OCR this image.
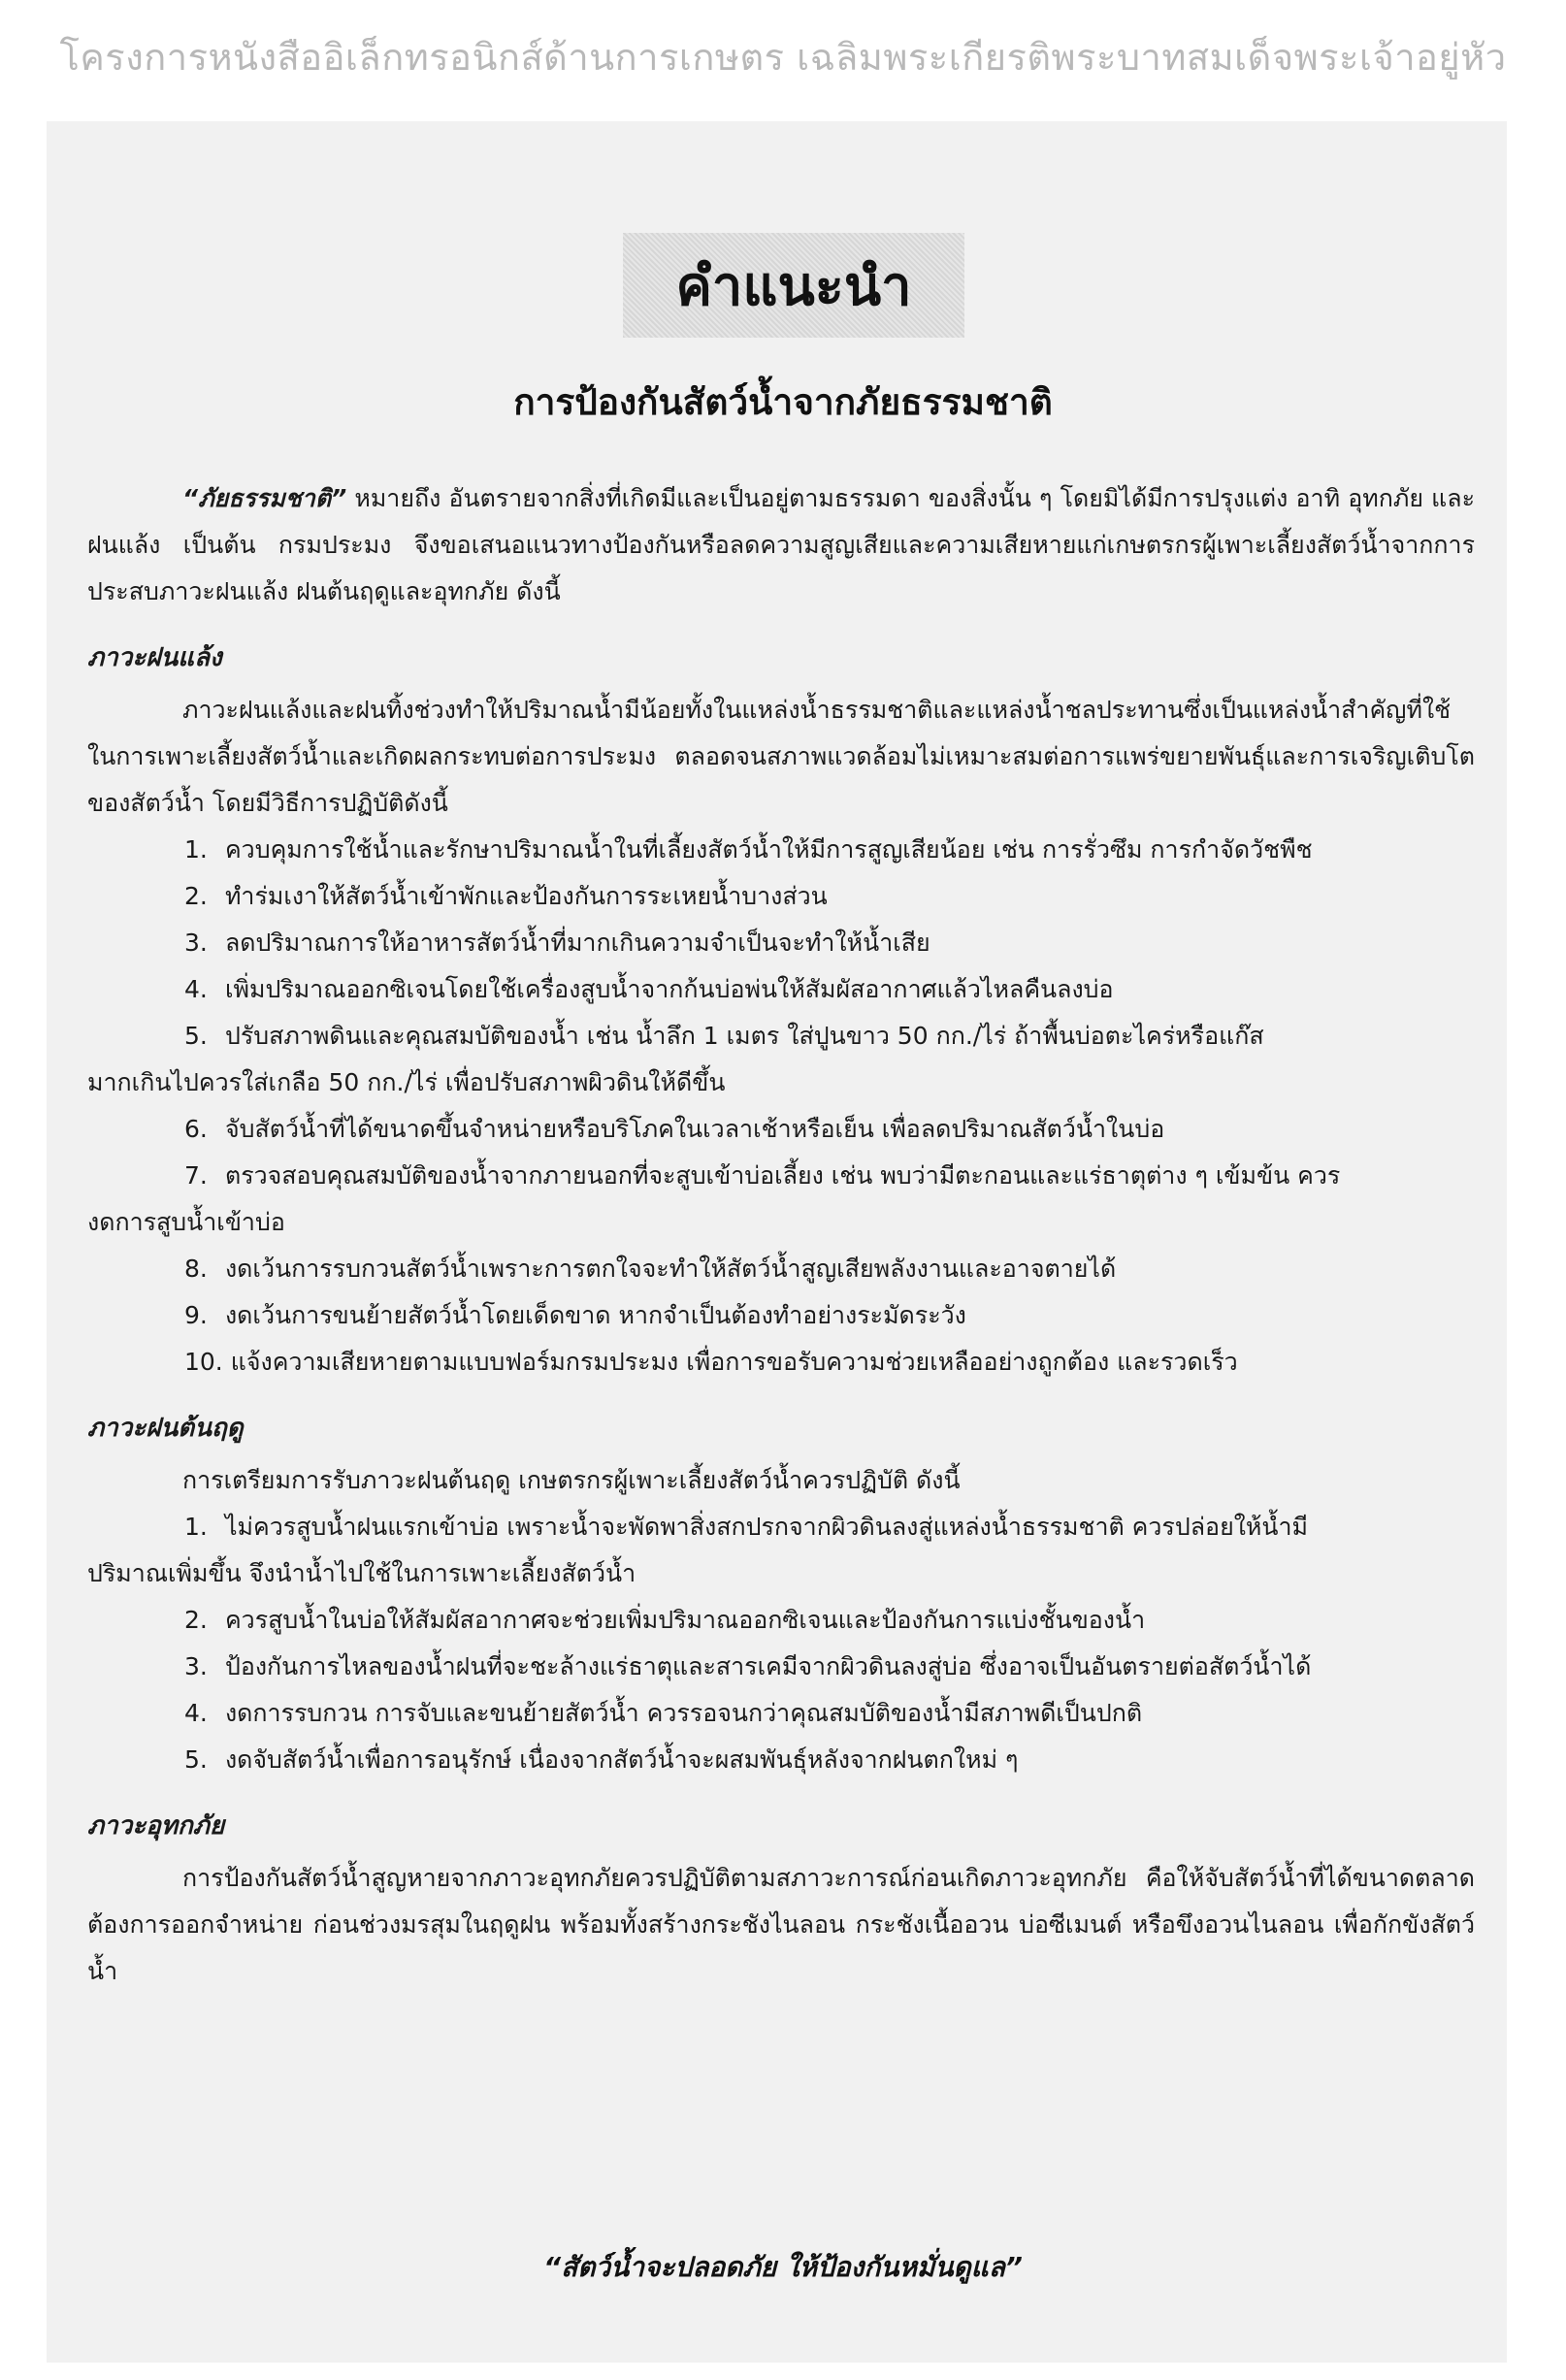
โครงการหนังสืออิเล็กทรอนิกส์ด้านการเกษตร เฉลิมพระเกียรติพระบาทสมเด็จพระเจ้าอยู่หัว
คำแนะนำ
การป้องกันสัตว์น้ำจากภัยธรรมชาติ

“ภัยธรรมชาติ” หมายถึง อันตรายจากสิ่งที่เกิดมีและเป็นอยู่ตามธรรมดา ของสิ่งนั้น ๆ โดยมิได้มีการปรุงแต่ง อาทิ อุทกภัย และฝนแล้ง เป็นต้น กรมประมง จึงขอเสนอแนวทางป้องกันหรือลดความสูญเสียและความเสียหายแก่เกษตรกรผู้เพาะเลี้ยงสัตว์น้ำจากการประสบภาวะฝนแล้ง ฝนต้นฤดูและอุทกภัย ดังนี้

ภาวะฝนแล้ง

ภาวะฝนแล้งและฝนทิ้งช่วงทำให้ปริมาณน้ำมีน้อยทั้งในแหล่งน้ำธรรมชาติและแหล่งน้ำชลประทานซึ่งเป็นแหล่งน้ำสำคัญที่ใช้ในการเพาะเลี้ยงสัตว์น้ำและเกิดผลกระทบต่อการประมง ตลอดจนสภาพแวดล้อมไม่เหมาะสมต่อการแพร่ขยายพันธุ์และการเจริญเติบโตของสัตว์น้ำ โดยมีวิธีการปฏิบัติดังนี้

1. ควบคุมการใช้น้ำและรักษาปริมาณน้ำในที่เลี้ยงสัตว์น้ำให้มีการสูญเสียน้อย เช่น การรั่วซึม การกำจัดวัชพืช
2. ทำร่มเงาให้สัตว์น้ำเข้าพักและป้องกันการระเหยน้ำบางส่วน
3. ลดปริมาณการให้อาหารสัตว์น้ำที่มากเกินความจำเป็นจะทำให้น้ำเสีย
4. เพิ่มปริมาณออกซิเจนโดยใช้เครื่องสูบน้ำจากก้นบ่อพ่นให้สัมผัสอากาศแล้วไหลคืนลงบ่อ
5. ปรับสภาพดินและคุณสมบัติของน้ำ เช่น น้ำลึก 1 เมตร ใส่ปูนขาว 50 กก./ไร่ ถ้าพื้นบ่อตะไคร่หรือแก๊ส
มากเกินไปควรใส่เกลือ 50 กก./ไร่ เพื่อปรับสภาพผิวดินให้ดีขึ้น
6. จับสัตว์น้ำที่ได้ขนาดขึ้นจำหน่ายหรือบริโภคในเวลาเช้าหรือเย็น เพื่อลดปริมาณสัตว์น้ำในบ่อ
7. ตรวจสอบคุณสมบัติของน้ำจากภายนอกที่จะสูบเข้าบ่อเลี้ยง เช่น พบว่ามีตะกอนและแร่ธาตุต่าง ๆ เข้มข้น ควร
งดการสูบน้ำเข้าบ่อ
8. งดเว้นการรบกวนสัตว์น้ำเพราะการตกใจจะทำให้สัตว์น้ำสูญเสียพลังงานและอาจตายได้
9. งดเว้นการขนย้ายสัตว์น้ำโดยเด็ดขาด หากจำเป็นต้องทำอย่างระมัดระวัง
10. แจ้งความเสียหายตามแบบฟอร์มกรมประมง เพื่อการขอรับความช่วยเหลืออย่างถูกต้อง และรวดเร็ว
ภาวะฝนต้นฤดู

การเตรียมการรับภาวะฝนต้นฤดู เกษตรกรผู้เพาะเลี้ยงสัตว์น้ำควรปฏิบัติ ดังนี้

1. ไม่ควรสูบน้ำฝนแรกเข้าบ่อ เพราะน้ำจะพัดพาสิ่งสกปรกจากผิวดินลงสู่แหล่งน้ำธรรมชาติ ควรปล่อยให้น้ำมี
ปริมาณเพิ่มขึ้น จึงนำน้ำไปใช้ในการเพาะเลี้ยงสัตว์น้ำ
2. ควรสูบน้ำในบ่อให้สัมผัสอากาศจะช่วยเพิ่มปริมาณออกซิเจนและป้องกันการแบ่งชั้นของน้ำ
3. ป้องกันการไหลของน้ำฝนที่จะชะล้างแร่ธาตุและสารเคมีจากผิวดินลงสู่บ่อ ซึ่งอาจเป็นอันตรายต่อสัตว์น้ำได้
4. งดการรบกวน การจับและขนย้ายสัตว์น้ำ ควรรอจนกว่าคุณสมบัติของน้ำมีสภาพดีเป็นปกติ
5. งดจับสัตว์น้ำเพื่อการอนุรักษ์ เนื่องจากสัตว์น้ำจะผสมพันธุ์หลังจากฝนตกใหม่ ๆ
ภาวะอุทกภัย

การป้องกันสัตว์น้ำสูญหายจากภาวะอุทกภัยควรปฏิบัติตามสภาวะการณ์ก่อนเกิดภาวะอุทกภัย คือให้จับสัตว์น้ำที่ได้ขนาดตลาดต้องการออกจำหน่าย ก่อนช่วงมรสุมในฤดูฝน พร้อมทั้งสร้างกระชังไนลอน กระชังเนื้ออวน บ่อซีเมนต์ หรือขึงอวนไนลอน เพื่อกักขังสัตว์น้ำ

“สัตว์น้ำจะปลอดภัย ให้ป้องกันหมั่นดูแล”
